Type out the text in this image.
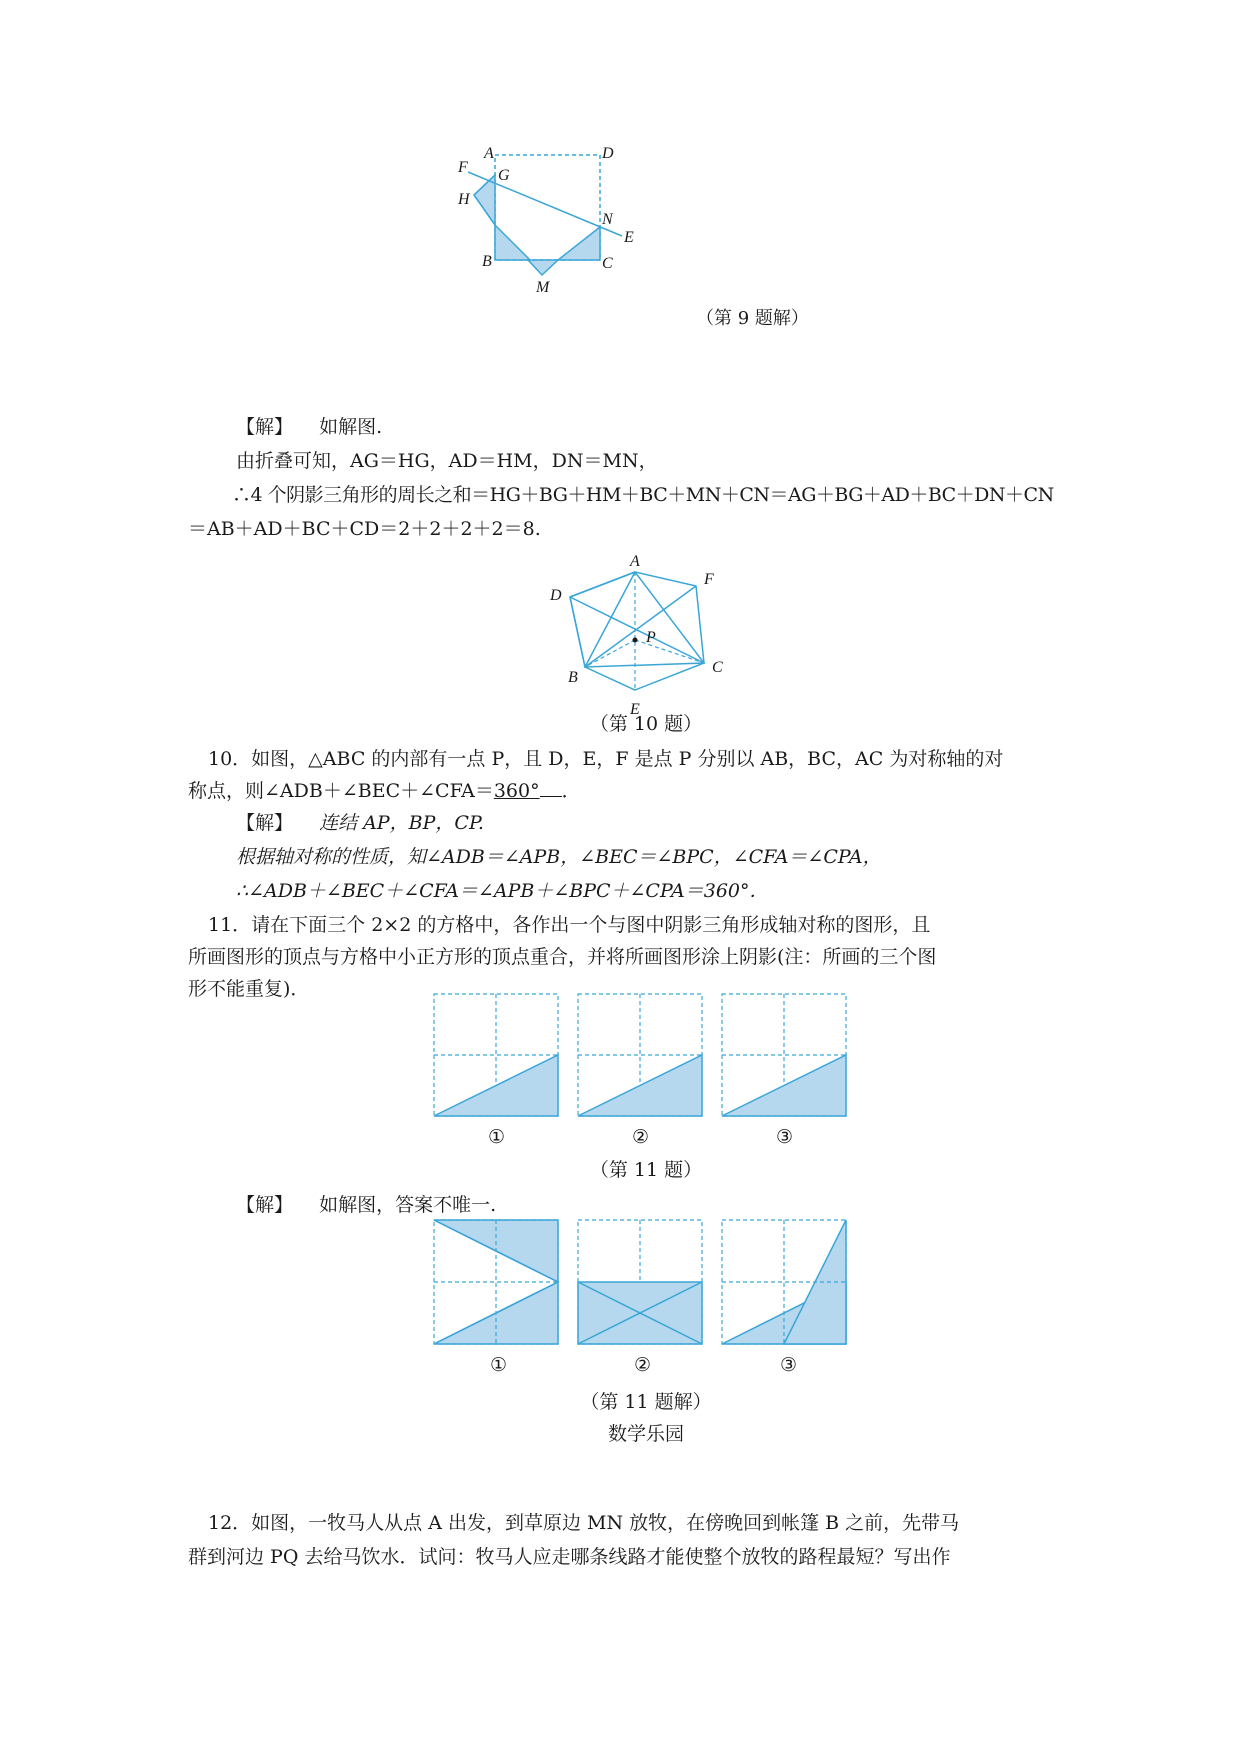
A	D
F G
H
N
E
B	C
M
（第 9 题解）
【解】 如解图.
由折叠可知，AG＝HG，AD＝HM，DN＝MN，
∴4 个阴影三角形的周长之和＝HG＋BG＋HM＋BC＋MN＋CN＝AG＋BG＋AD＋BC＋DN＋CN
＝AB＋AD＋BC＋CD＝2＋2＋2＋2＝8.
A
D
F
P
B
C
E
（第 10 题）
10．如图，△ABC 的内部有一点 P，且 D，E，F 是点 P 分别以 AB，BC，AC 为对称轴的对
称点，则∠ADB＋∠BEC＋∠CFA＝360° ．
【解】 连结 AP，BP，CP.
根据轴对称的性质，知∠ADB＝∠APB，∠BEC＝∠BPC，∠CFA＝∠CPA，
∴∠ADB＋∠BEC＋∠CFA＝∠APB＋∠BPC＋∠CPA＝360°．
11．请在下面三个 2×2 的方格中，各作出一个与图中阴影三角形成轴对称的图形，且
所画图形的顶点与方格中小正方形的顶点重合，并将所画图形涂上阴影(注：所画的三个图
形不能重复)．
①	②	③
（第 11 题）
【解】 如解图，答案不唯一.
①	②	③
（第 11 题解）
数学乐园
12．如图，一牧马人从点 A 出发，到草原边 MN 放牧，在傍晚回到帐篷 B 之前，先带马
群到河边 PQ 去给马饮水．试问：牧马人应走哪条线路才能使整个放牧的路程最短？写出作
